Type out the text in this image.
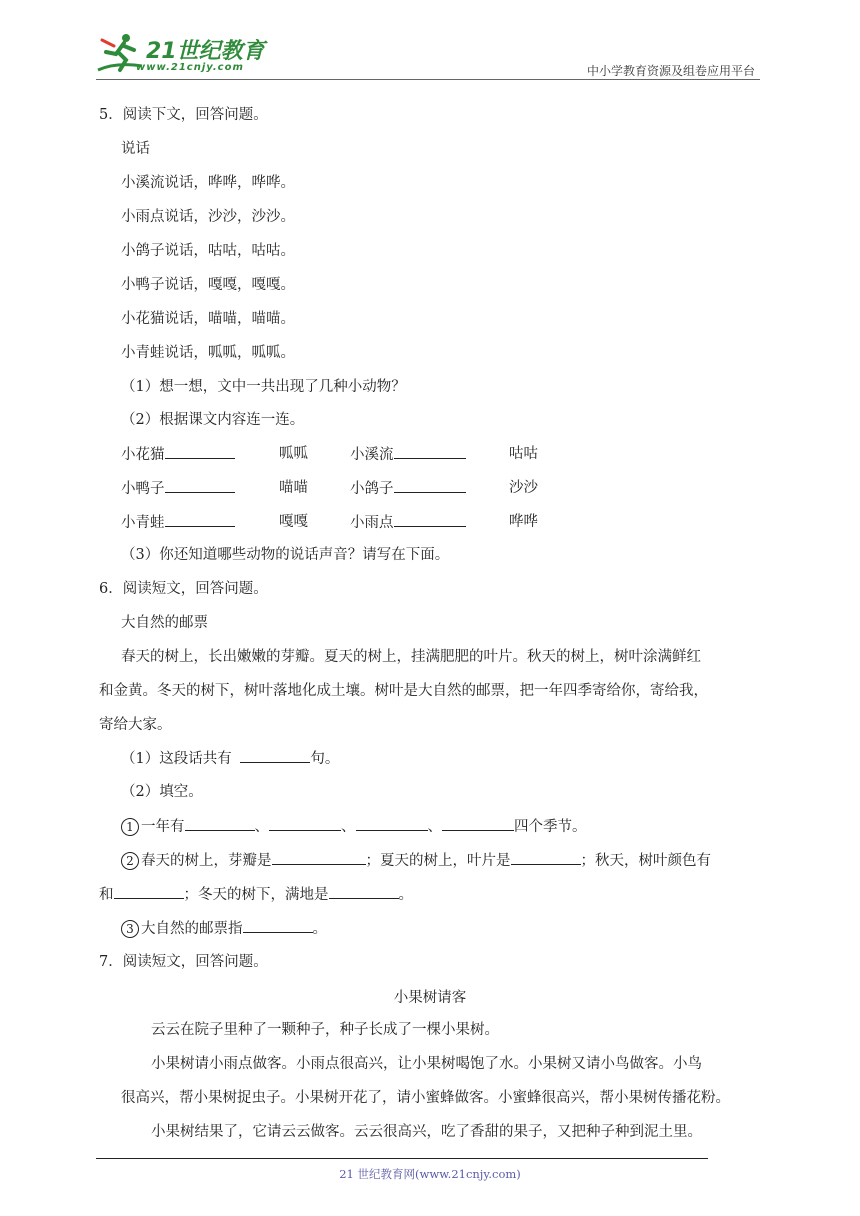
21世纪教育
www.21cnjy.com	中小学教育资源及组卷应用平台
5．阅读下文，回答问题。
说话
小溪流说话，哗哗，哗哗。
小雨点说话，沙沙，沙沙。
小鸽子说话，咕咕，咕咕。
小鸭子说话，嘎嘎，嘎嘎。
小花猫说话，喵喵，喵喵。
小青蛙说话，呱呱，呱呱。
（1）想一想，文中一共出现了几种小动物？
（2）根据课文内容连一连。
小花猫	呱呱	小溪流	咕咕
小鸭子	喵喵	小鸽子	沙沙
小青蛙	嘎嘎	小雨点	哗哗
（3）你还知道哪些动物的说话声音？请写在下面。
6．阅读短文，回答问题。
大自然的邮票
春天的树上，长出嫩嫩的芽瓣。夏天的树上，挂满肥肥的叶片。秋天的树上，树叶涂满鲜红
和金黄。冬天的树下，树叶落地化成土壤。树叶是大自然的邮票，把一年四季寄给你，寄给我，
寄给大家。
（1）这段话共有	句。
（2）填空。
1 一年有	、	、	、	四个季节。
2 春天的树上，芽瓣是	；夏天的树上，叶片是	；秋天，树叶颜色有
和	；冬天的树下，满地是	。
3 大自然的邮票指	。
7．阅读短文，回答问题。
小果树请客
云云在院子里种了一颗种子，种子长成了一棵小果树。
小果树请小雨点做客。小雨点很高兴，让小果树喝饱了水。小果树又请小鸟做客。小鸟
很高兴，帮小果树捉虫子。小果树开花了，请小蜜蜂做客。小蜜蜂很高兴，帮小果树传播花粉。
小果树结果了，它请云云做客。云云很高兴，吃了香甜的果子，又把种子种到泥土里。
21 世纪教育网(www.21cnjy.com)
